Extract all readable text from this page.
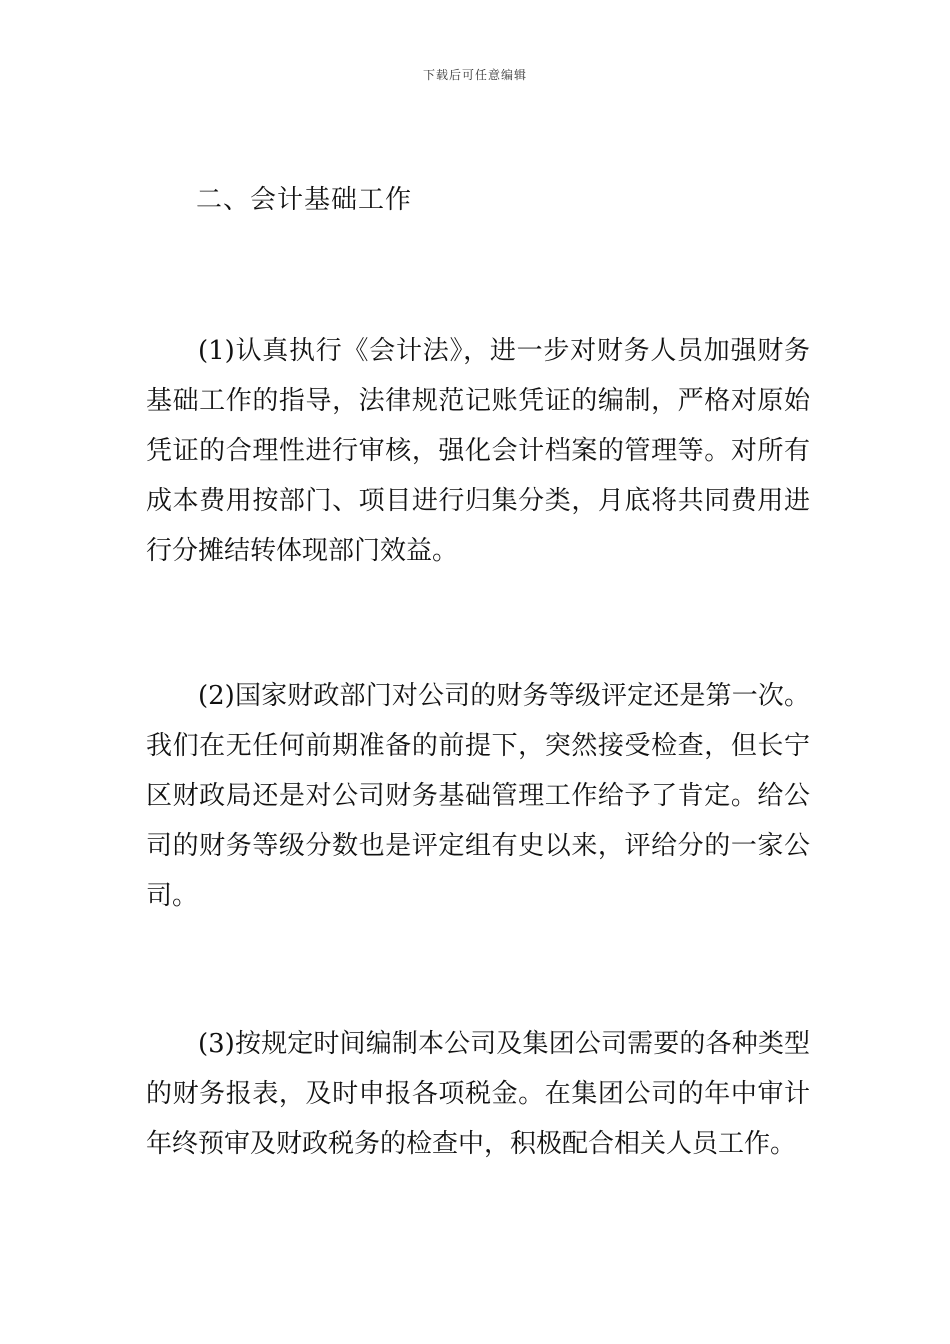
下载后可任意编辑
二、会计基础工作

(1)认真执行《会计法》，进一步对财务人员加强财务基础工作的指导，法律规范记账凭证的编制，严格对原始凭证的合理性进行审核，强化会计档案的管理等。对所有成本费用按部门、项目进行归集分类，月底将共同费用进行分摊结转体现部门效益。

(2)国家财政部门对公司的财务等级评定还是第一次。我们在无任何前期准备的前提下，突然接受检查，但长宁区财政局还是对公司财务基础管理工作给予了肯定。给公司的财务等级分数也是评定组有史以来，评给分的一家公司。

(3)按规定时间编制本公司及集团公司需要的各种类型的财务报表，及时申报各项税金。在集团公司的年中审计年终预审及财政税务的检查中，积极配合相关人员工作。
